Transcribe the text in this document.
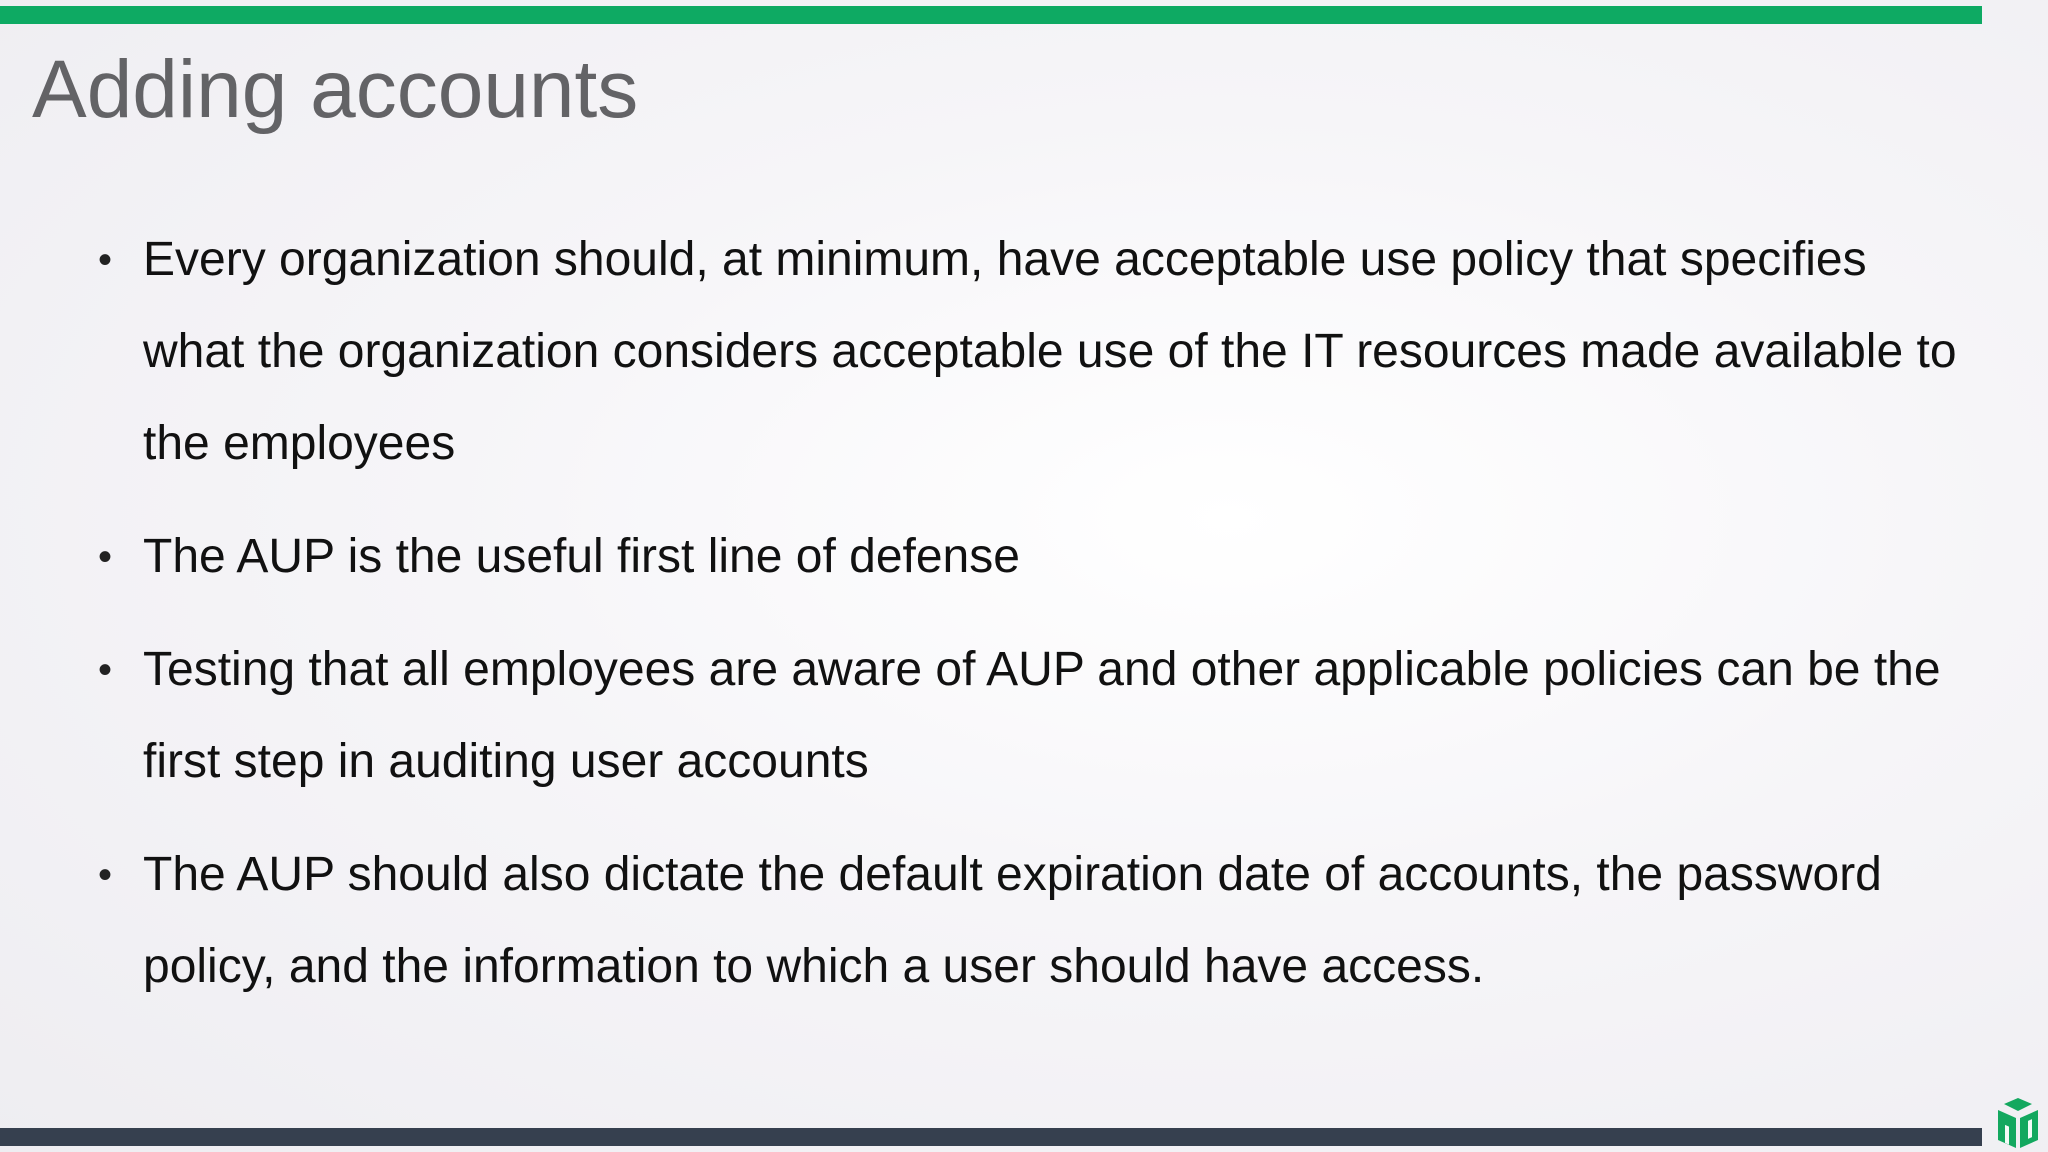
Adding accounts
• Every organization should, at minimum, have acceptable use policy that specifies what the organization considers acceptable use of the IT resources made available to the employees
• The AUP is the useful first line of defense
• Testing that all employees are aware of AUP and other applicable policies can be the first step in auditing user accounts
• The AUP should also dictate the default expiration date of accounts, the password policy, and the information to which a user should have access.
